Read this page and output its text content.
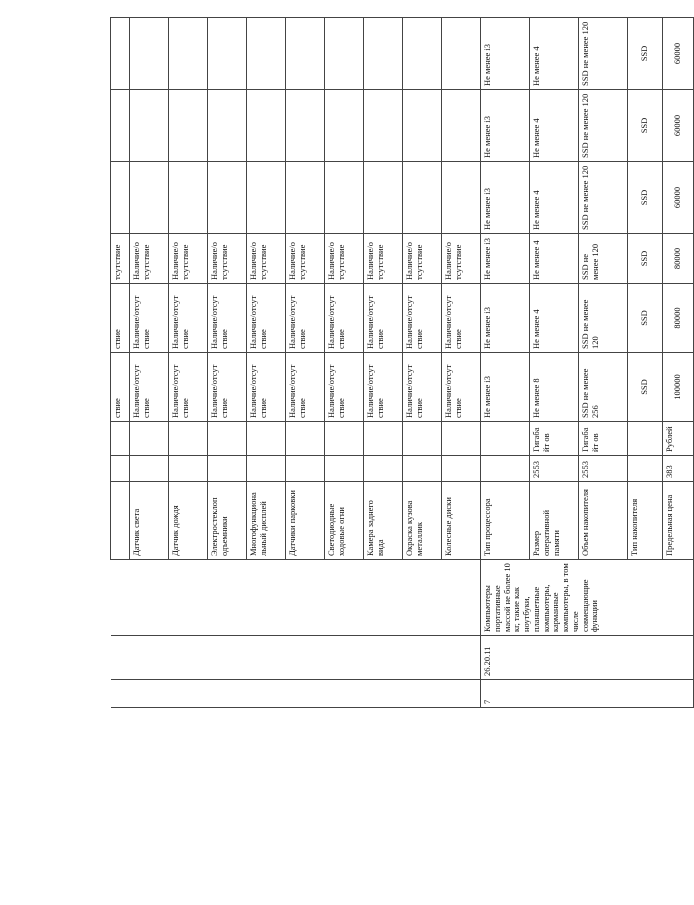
						ствие	ствие	тсутствие			
			Датчик света			Наличие/отсут ствие	Наличие/отсут ствие	Наличие/о тсутствие			
			Датчик дождя			Наличие/отсут ствие	Наличие/отсут ствие	Наличие/о тсутствие			
			Электростеклоп одъемники			Наличие/отсут ствие	Наличие/отсут ствие	Наличие/о тсутствие			
			Многофункциона льный дисплей			Наличие/отсут ствие	Наличие/отсут ствие	Наличие/о тсутствие			
			Датчики парковки			Наличие/отсут ствие	Наличие/отсут ствие	Наличие/о тсутствие			
			Светодиодные ходовые огни			Наличие/отсут ствие	Наличие/отсут ствие	Наличие/о тсутствие			
			Камера заднего вида			Наличие/отсут ствие	Наличие/отсут ствие	Наличие/о тсутствие			
			Окраска кузова металлик			Наличие/отсут ствие	Наличие/отсут ствие	Наличие/о тсутствие			
			Колесные диски			Наличие/отсут ствие	Наличие/отсут ствие	Наличие/о тсутствие			
7	26.20.11	Компьютеры портативные массой не более 10 кг, такие как ноутбуки, планшетные компьютеры, карманные компьютеры, в том числе совмещающие функции	Тип процессора			Не менее i3	Не менее i3	Не менее i3	Не менее i3	Не менее i3	Не менее i3
			Размер оперативной памяти	2553	Гигабайт ов	Не менее 8	Не менее 4	Не менее 4	Не менее 4	Не менее 4	Не менее 4
			Объем накопителя	2553	Гигабайт ов	SSD не менее 256	SSD не менее 120	SSD не менее 120	SSD не менее 120	SSD не менее 120	SSD не менее 120
			Тип накопителя			SSD	SSD	SSD	SSD	SSD	SSD
			Предельная цена	383	Рублей	100000	80000	80000	60000	60000	60000
